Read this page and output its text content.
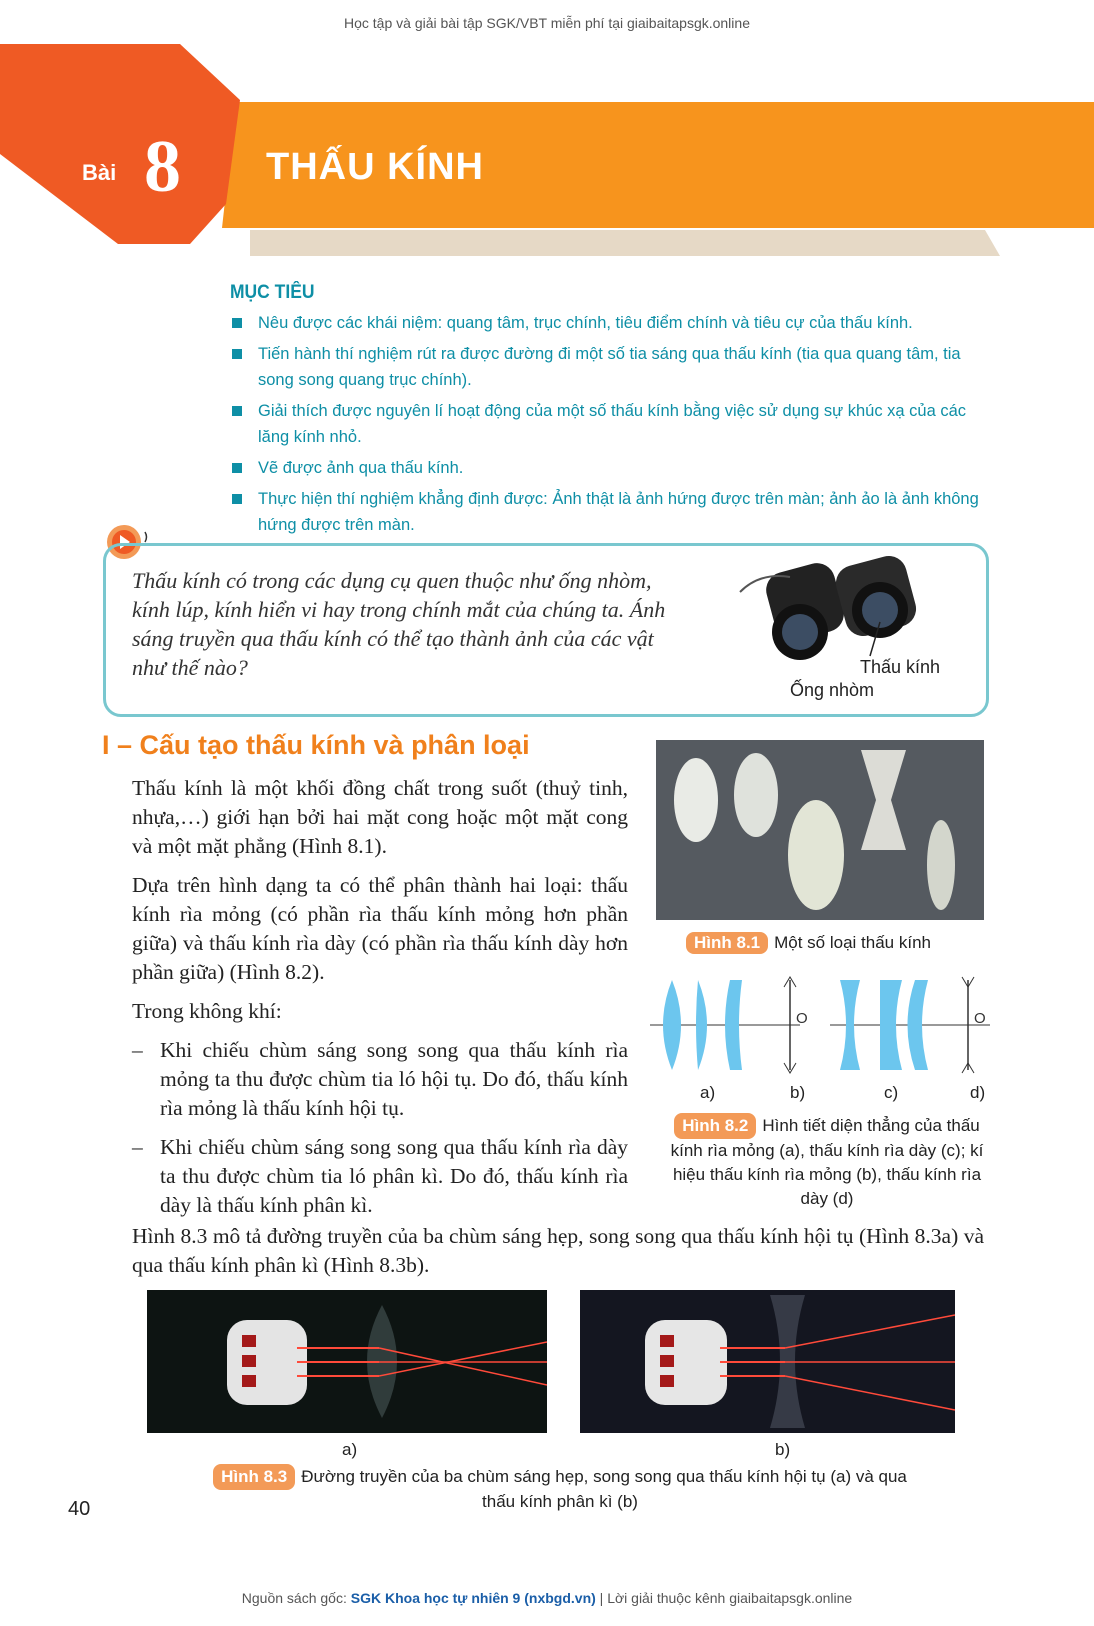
Học tập và giải bài tập SGK/VBT miễn phí tại giaibaitapsgk.online
Bài 8 THẤU KÍNH
MỤC TIÊU
Nêu được các khái niệm: quang tâm, trục chính, tiêu điểm chính và tiêu cự của thấu kính.
Tiến hành thí nghiệm rút ra được đường đi một số tia sáng qua thấu kính (tia qua quang tâm, tia song song quang trục chính).
Giải thích được nguyên lí hoạt động của một số thấu kính bằng việc sử dụng sự khúc xạ của các lăng kính nhỏ.
Vẽ được ảnh qua thấu kính.
Thực hiện thí nghiệm khẳng định được: Ảnh thật là ảnh hứng được trên màn; ảnh ảo là ảnh không hứng được trên màn.
Thấu kính có trong các dụng cụ quen thuộc như ống nhòm, kính lúp, kính hiển vi hay trong chính mắt của chúng ta. Ánh sáng truyền qua thấu kính có thể tạo thành ảnh của các vật như thế nào?	Thấu kính
Ống nhòm
I – Cấu tạo thấu kính và phân loại

Thấu kính là một khối đồng chất trong suốt (thuỷ tinh, nhựa,…) giới hạn bởi hai mặt cong hoặc một mặt cong và một mặt phẳng (Hình 8.1).

Dựa trên hình dạng ta có thể phân thành hai loại: thấu kính rìa mỏng (có phần rìa thấu kính mỏng hơn phần giữa) và thấu kính rìa dày (có phần rìa thấu kính dày hơn phần giữa) (Hình 8.2).

Trong không khí:

– Khi chiếu chùm sáng song song qua thấu kính rìa mỏng ta thu được chùm tia ló hội tụ. Do đó, thấu kính rìa mỏng là thấu kính hội tụ.
– Khi chiếu chùm sáng song song qua thấu kính rìa dày ta thu được chùm tia ló phân kì. Do đó, thấu kính rìa dày là thấu kính phân kì.
Hình 8.1 Một số loại thấu kính
O	O
a)	b)	c)	d)
Hình 8.2 Hình tiết diện thẳng của thấu kính rìa mỏng (a), thấu kính rìa dày (c); kí hiệu thấu kính rìa mỏng (b), thấu kính rìa dày (d)
Hình 8.3 mô tả đường truyền của ba chùm sáng hẹp, song song qua thấu kính hội tụ (Hình 8.3a) và qua thấu kính phân kì (Hình 8.3b).
a)	b)
Hình 8.3 Đường truyền của ba chùm sáng hẹp, song song qua thấu kính hội tụ (a) và qua thấu kính phân kì (b)
40
Nguồn sách gốc: SGK Khoa học tự nhiên 9 (nxbgd.vn) | Lời giải thuộc kênh giaibaitapsgk.online
